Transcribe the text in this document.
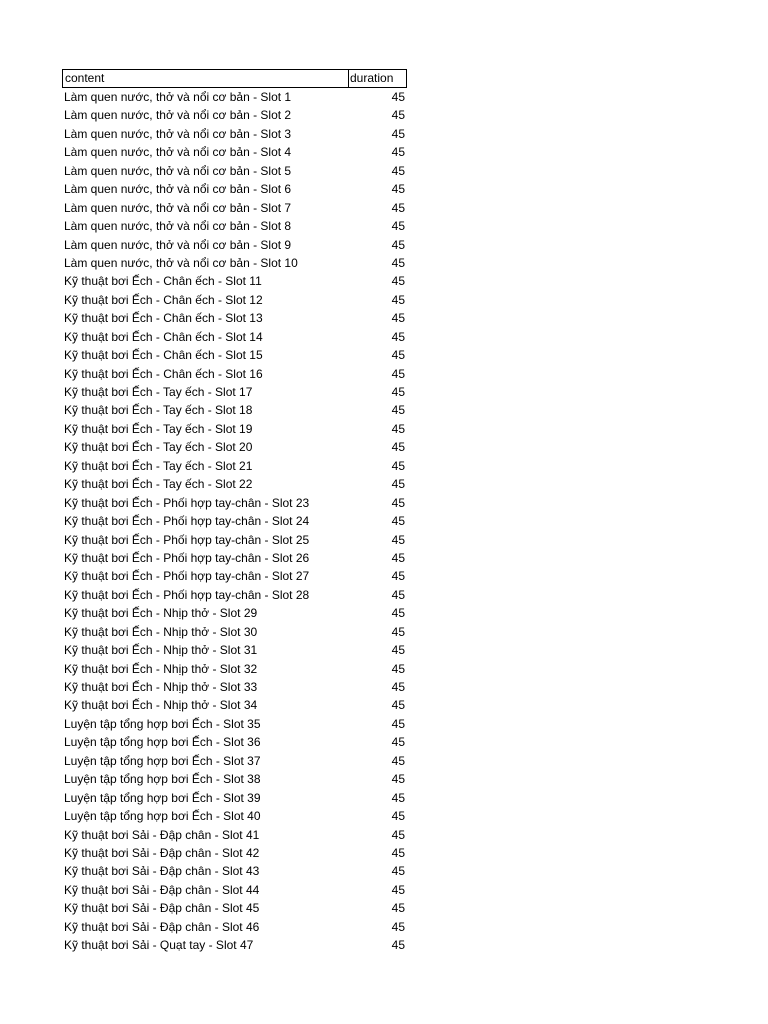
content	duration
Làm quen nước, thở và nổi cơ bản - Slot 1	45
Làm quen nước, thở và nổi cơ bản - Slot 2	45
Làm quen nước, thở và nổi cơ bản - Slot 3	45
Làm quen nước, thở và nổi cơ bản - Slot 4	45
Làm quen nước, thở và nổi cơ bản - Slot 5	45
Làm quen nước, thở và nổi cơ bản - Slot 6	45
Làm quen nước, thở và nổi cơ bản - Slot 7	45
Làm quen nước, thở và nổi cơ bản - Slot 8	45
Làm quen nước, thở và nổi cơ bản - Slot 9	45
Làm quen nước, thở và nổi cơ bản - Slot 10	45
Kỹ thuật bơi Ếch - Chân ếch - Slot 11	45
Kỹ thuật bơi Ếch - Chân ếch - Slot 12	45
Kỹ thuật bơi Ếch - Chân ếch - Slot 13	45
Kỹ thuật bơi Ếch - Chân ếch - Slot 14	45
Kỹ thuật bơi Ếch - Chân ếch - Slot 15	45
Kỹ thuật bơi Ếch - Chân ếch - Slot 16	45
Kỹ thuật bơi Ếch - Tay ếch - Slot 17	45
Kỹ thuật bơi Ếch - Tay ếch - Slot 18	45
Kỹ thuật bơi Ếch - Tay ếch - Slot 19	45
Kỹ thuật bơi Ếch - Tay ếch - Slot 20	45
Kỹ thuật bơi Ếch - Tay ếch - Slot 21	45
Kỹ thuật bơi Ếch - Tay ếch - Slot 22	45
Kỹ thuật bơi Ếch - Phối hợp tay-chân - Slot 23	45
Kỹ thuật bơi Ếch - Phối hợp tay-chân - Slot 24	45
Kỹ thuật bơi Ếch - Phối hợp tay-chân - Slot 25	45
Kỹ thuật bơi Ếch - Phối hợp tay-chân - Slot 26	45
Kỹ thuật bơi Ếch - Phối hợp tay-chân - Slot 27	45
Kỹ thuật bơi Ếch - Phối hợp tay-chân - Slot 28	45
Kỹ thuật bơi Ếch - Nhịp thở - Slot 29	45
Kỹ thuật bơi Ếch - Nhịp thở - Slot 30	45
Kỹ thuật bơi Ếch - Nhịp thở - Slot 31	45
Kỹ thuật bơi Ếch - Nhịp thở - Slot 32	45
Kỹ thuật bơi Ếch - Nhịp thở - Slot 33	45
Kỹ thuật bơi Ếch - Nhịp thở - Slot 34	45
Luyện tập tổng hợp bơi Ếch - Slot 35	45
Luyện tập tổng hợp bơi Ếch - Slot 36	45
Luyện tập tổng hợp bơi Ếch - Slot 37	45
Luyện tập tổng hợp bơi Ếch - Slot 38	45
Luyện tập tổng hợp bơi Ếch - Slot 39	45
Luyện tập tổng hợp bơi Ếch - Slot 40	45
Kỹ thuật bơi Sải - Đập chân - Slot 41	45
Kỹ thuật bơi Sải - Đập chân - Slot 42	45
Kỹ thuật bơi Sải - Đập chân - Slot 43	45
Kỹ thuật bơi Sải - Đập chân - Slot 44	45
Kỹ thuật bơi Sải - Đập chân - Slot 45	45
Kỹ thuật bơi Sải - Đập chân - Slot 46	45
Kỹ thuật bơi Sải - Quạt tay - Slot 47	45
